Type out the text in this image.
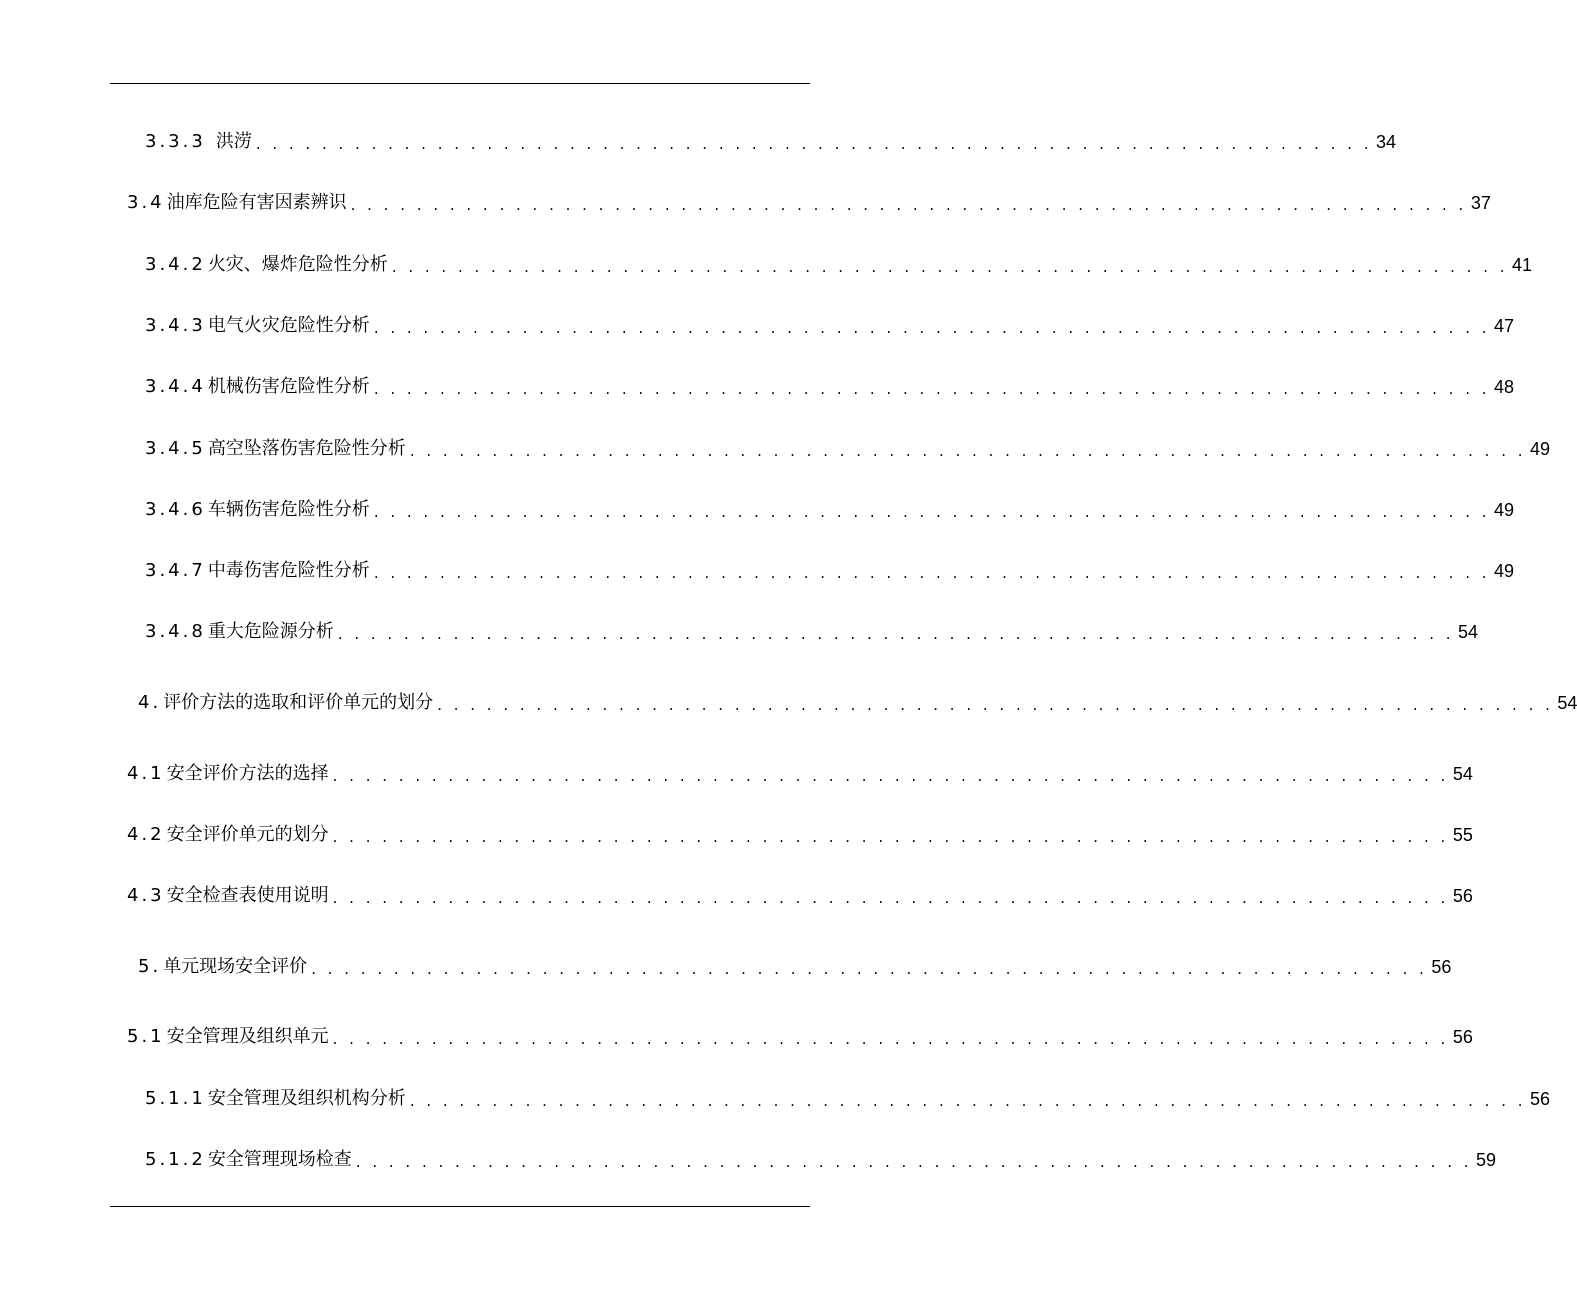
3.3.3 洪涝 . . . . . . . . . . . . . . . . . . . . . . . . . . . . . . . . . . . . . . . . . . . . . . . . . . . . . . . . . . . . . . . . . . . . 34
3.4 油库危险有害因素辨识 . . . . . . . . . . . . . . . . . . . . . . . . . . . . . . . . . . . . . . . . . . . . . . . . . . . . . . . . . . . . . . . . . . . . 37
3.4.2 火灾、爆炸危险性分析 . . . . . . . . . . . . . . . . . . . . . . . . . . . . . . . . . . . . . . . . . . . . . . . . . . . . . . . . . . . . . . . . . . . . 41
3.4.3 电气火灾危险性分析 . . . . . . . . . . . . . . . . . . . . . . . . . . . . . . . . . . . . . . . . . . . . . . . . . . . . . . . . . . . . . . . . . . . . 47
3.4.4 机械伤害危险性分析 . . . . . . . . . . . . . . . . . . . . . . . . . . . . . . . . . . . . . . . . . . . . . . . . . . . . . . . . . . . . . . . . . . . . 48
3.4.5 高空坠落伤害危险性分析 . . . . . . . . . . . . . . . . . . . . . . . . . . . . . . . . . . . . . . . . . . . . . . . . . . . . . . . . . . . . . . . . . . . . 49
3.4.6 车辆伤害危险性分析 . . . . . . . . . . . . . . . . . . . . . . . . . . . . . . . . . . . . . . . . . . . . . . . . . . . . . . . . . . . . . . . . . . . . 49
3.4.7 中毒伤害危险性分析 . . . . . . . . . . . . . . . . . . . . . . . . . . . . . . . . . . . . . . . . . . . . . . . . . . . . . . . . . . . . . . . . . . . . 49
3.4.8 重大危险源分析 . . . . . . . . . . . . . . . . . . . . . . . . . . . . . . . . . . . . . . . . . . . . . . . . . . . . . . . . . . . . . . . . . . . . 54
4. 评价方法的选取和评价单元的划分 . . . . . . . . . . . . . . . . . . . . . . . . . . . . . . . . . . . . . . . . . . . . . . . . . . . . . . . . . . . . . . . . . . . . 54
4.1 安全评价方法的选择 . . . . . . . . . . . . . . . . . . . . . . . . . . . . . . . . . . . . . . . . . . . . . . . . . . . . . . . . . . . . . . . . . . . . 54
4.2 安全评价单元的划分 . . . . . . . . . . . . . . . . . . . . . . . . . . . . . . . . . . . . . . . . . . . . . . . . . . . . . . . . . . . . . . . . . . . . 55
4.3 安全检查表使用说明 . . . . . . . . . . . . . . . . . . . . . . . . . . . . . . . . . . . . . . . . . . . . . . . . . . . . . . . . . . . . . . . . . . . . 56
5. 单元现场安全评价 . . . . . . . . . . . . . . . . . . . . . . . . . . . . . . . . . . . . . . . . . . . . . . . . . . . . . . . . . . . . . . . . . . . . 56
5.1 安全管理及组织单元 . . . . . . . . . . . . . . . . . . . . . . . . . . . . . . . . . . . . . . . . . . . . . . . . . . . . . . . . . . . . . . . . . . . . 56
5.1.1 安全管理及组织机构分析 . . . . . . . . . . . . . . . . . . . . . . . . . . . . . . . . . . . . . . . . . . . . . . . . . . . . . . . . . . . . . . . . . . . . 56
5.1.2 安全管理现场检查 . . . . . . . . . . . . . . . . . . . . . . . . . . . . . . . . . . . . . . . . . . . . . . . . . . . . . . . . . . . . . . . . . . . . 59
